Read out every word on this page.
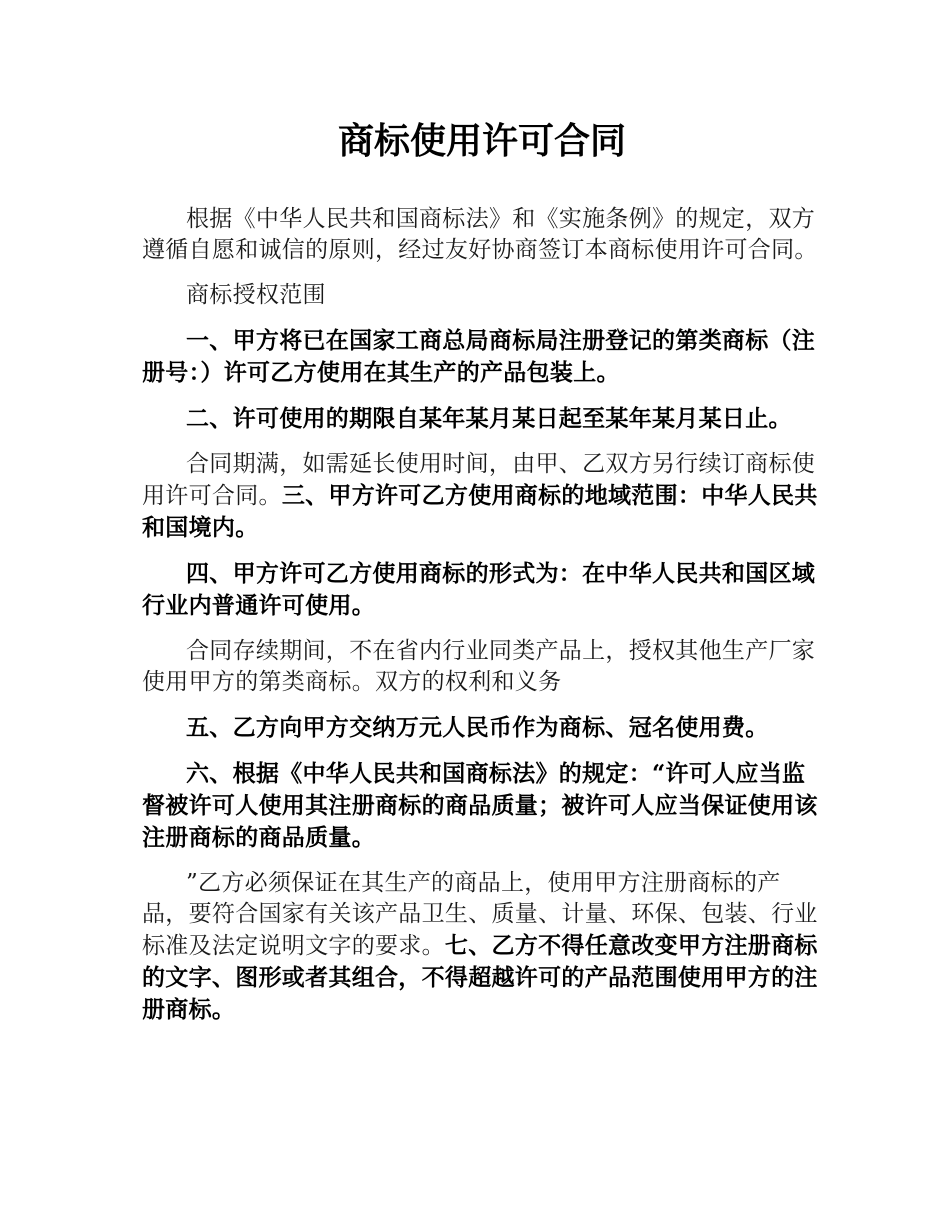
商标使用许可合同

根据《中华人民共和国商标法》和《实施条例》的规定，双方遵循自愿和诚信的原则，经过友好协商签订本商标使用许可合同。

商标授权范围

一、甲方将已在国家工商总局商标局注册登记的第类商标（注册号：）许可乙方使用在其生产的产品包装上。

二、许可使用的期限自某年某月某日起至某年某月某日止。

合同期满，如需延长使用时间，由甲、乙双方另行续订商标使用许可合同。三、甲方许可乙方使用商标的地域范围：中华人民共和国境内。

四、甲方许可乙方使用商标的形式为：在中华人民共和国区域行业内普通许可使用。

合同存续期间，不在省内行业同类产品上，授权其他生产厂家使用甲方的第类商标。双方的权利和义务

五、乙方向甲方交纳万元人民币作为商标、冠名使用费。

六、根据《中华人民共和国商标法》的规定：“许可人应当监督被许可人使用其注册商标的商品质量；被许可人应当保证使用该注册商标的商品质量。

”乙方必须保证在其生产的商品上，使用甲方注册商标的产品，要符合国家有关该产品卫生、质量、计量、环保、包装、行业标准及法定说明文字的要求。七、乙方不得任意改变甲方注册商标的文字、图形或者其组合，不得超越许可的产品范围使用甲方的注册商标。
